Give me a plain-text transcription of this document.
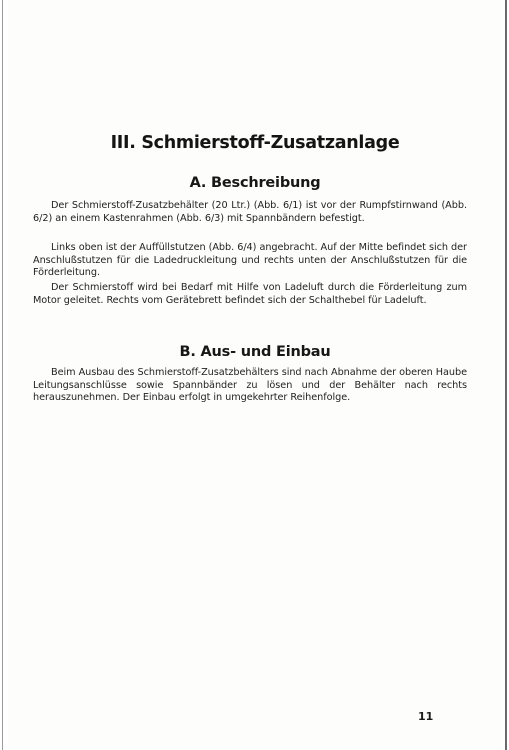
III. Schmierstoff-Zusatzanlage
A. Beschreibung

Der Schmierstoff-Zusatzbehälter (20 Ltr.) (Abb. 6/1) ist vor der Rumpfstirnwand (Abb. 6/2) an einem Kastenrahmen (Abb. 6/3) mit Spannbändern befestigt.

Links oben ist der Auffüllstutzen (Abb. 6/4) angebracht. Auf der Mitte befindet sich der Anschlußstutzen für die Ladedruckleitung und rechts unten der Anschlußstutzen für die Förderleitung.

Der Schmierstoff wird bei Bedarf mit Hilfe von Ladeluft durch die Förderleitung zum Motor geleitet. Rechts vom Gerätebrett befindet sich der Schalthebel für Ladeluft.

B. Aus- und Einbau

Beim Ausbau des Schmierstoff-Zusatzbehälters sind nach Abnahme der oberen Haube Leitungsanschlüsse sowie Spannbänder zu lösen und der Behälter nach rechts herauszunehmen. Der Einbau erfolgt in umgekehrter Reihenfolge.

11
